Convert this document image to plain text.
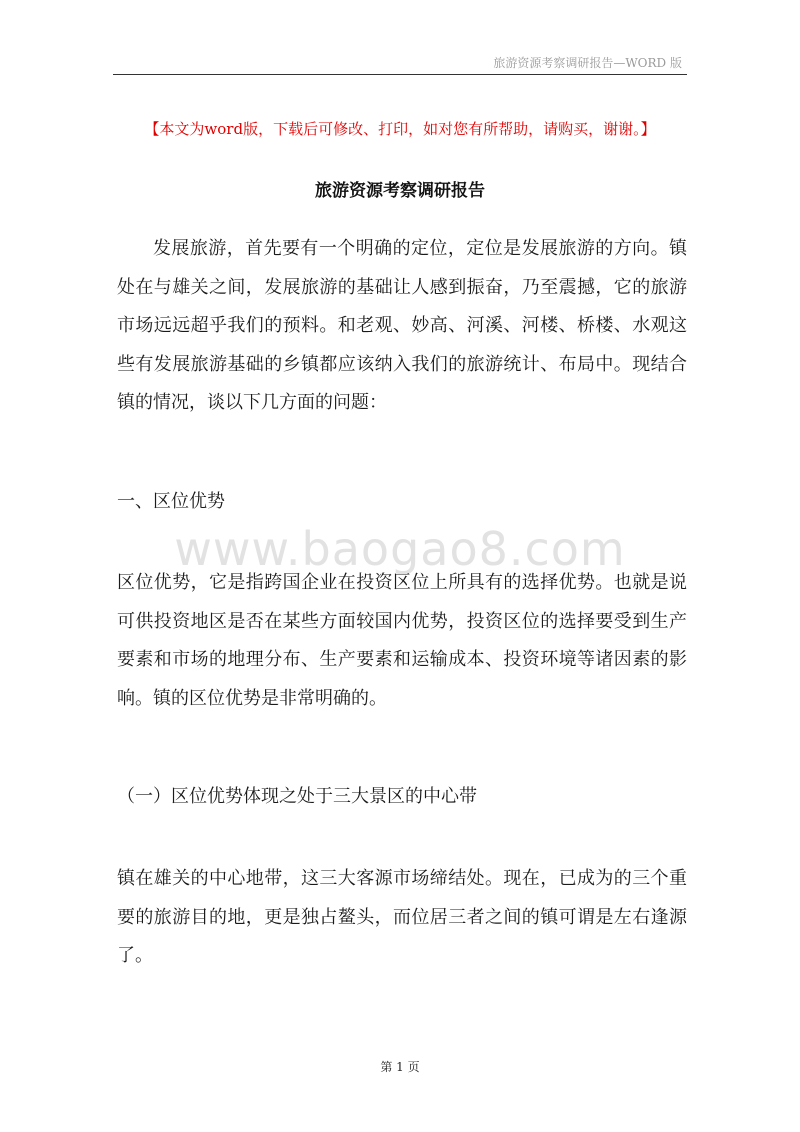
旅游资源考察调研报告—WORD 版
【本文为word版，下载后可修改、打印，如对您有所帮助，请购买，谢谢。】
旅游资源考察调研报告

发展旅游，首先要有一个明确的定位，定位是发展旅游的方向。镇处在与雄关之间，发展旅游的基础让人感到振奋，乃至震撼，它的旅游市场远远超乎我们的预料。和老观、妙高、河溪、河楼、桥楼、水观这些有发展旅游基础的乡镇都应该纳入我们的旅游统计、布局中。现结合镇的情况，谈以下几方面的问题：

一、区位优势

www.baogao8.com

区位优势，它是指跨国企业在投资区位上所具有的选择优势。也就是说可供投资地区是否在某些方面较国内优势，投资区位的选择要受到生产要素和市场的地理分布、生产要素和运输成本、投资环境等诸因素的影响。镇的区位优势是非常明确的。

（一）区位优势体现之处于三大景区的中心带

镇在雄关的中心地带，这三大客源市场缔结处。现在，已成为的三个重要的旅游目的地，更是独占鳌头，而位居三者之间的镇可谓是左右逢源了。

第 1 页
